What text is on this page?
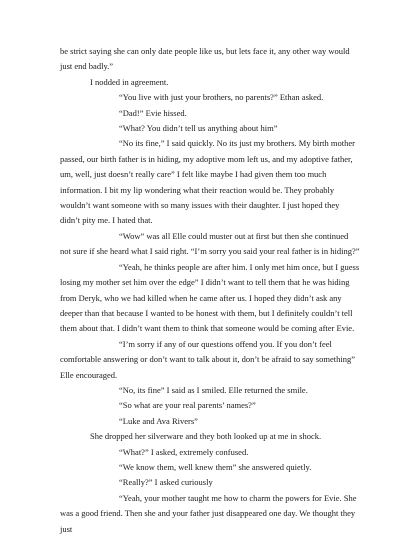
be strict saying she can only date people like us, but lets face it, any other way would just end badly.”

I nodded in agreement.

“You live with just your brothers, no parents?” Ethan asked.

“Dad!” Evie hissed.

“What? You didn’t tell us anything about him”

“No its fine,” I said quickly. No its just my brothers. My birth mother passed, our birth father is in hiding, my adoptive mom left us, and my adoptive father, um, well, just doesn’t really care” I felt like maybe I had given them too much information. I bit my lip wondering what their reaction would be. They probably wouldn’t want someone with so many issues with their daughter. I just hoped they didn’t pity me. I hated that.

“Wow” was all Elle could muster out at first but then she continued not sure if she heard what I said right. “I’m sorry you said your real father is in hiding?”

“Yeah, he thinks people are after him. I only met him once, but I guess losing my mother set him over the edge” I didn’t want to tell them that he was hiding from Deryk, who we had killed when he came after us. I hoped they didn’t ask any deeper than that because I wanted to be honest with them, but I definitely couldn’t tell them about that. I didn’t want them to think that someone would be coming after Evie.

“I’m sorry if any of our questions offend you. If you don’t feel comfortable answering or don’t want to talk about it, don’t be afraid to say something” Elle encouraged.

“No, its fine” I said as I smiled. Elle returned the smile.

“So what are your real parents’ names?”

“Luke and Ava Rivers”

She dropped her silverware and they both looked up at me in shock.

“What?” I asked, extremely confused.

“We know them, well knew them” she answered quietly.

“Really?” I asked curiously

“Yeah, your mother taught me how to charm the powers for Evie. She was a good friend. Then she and your father just disappeared one day. We thought they just
